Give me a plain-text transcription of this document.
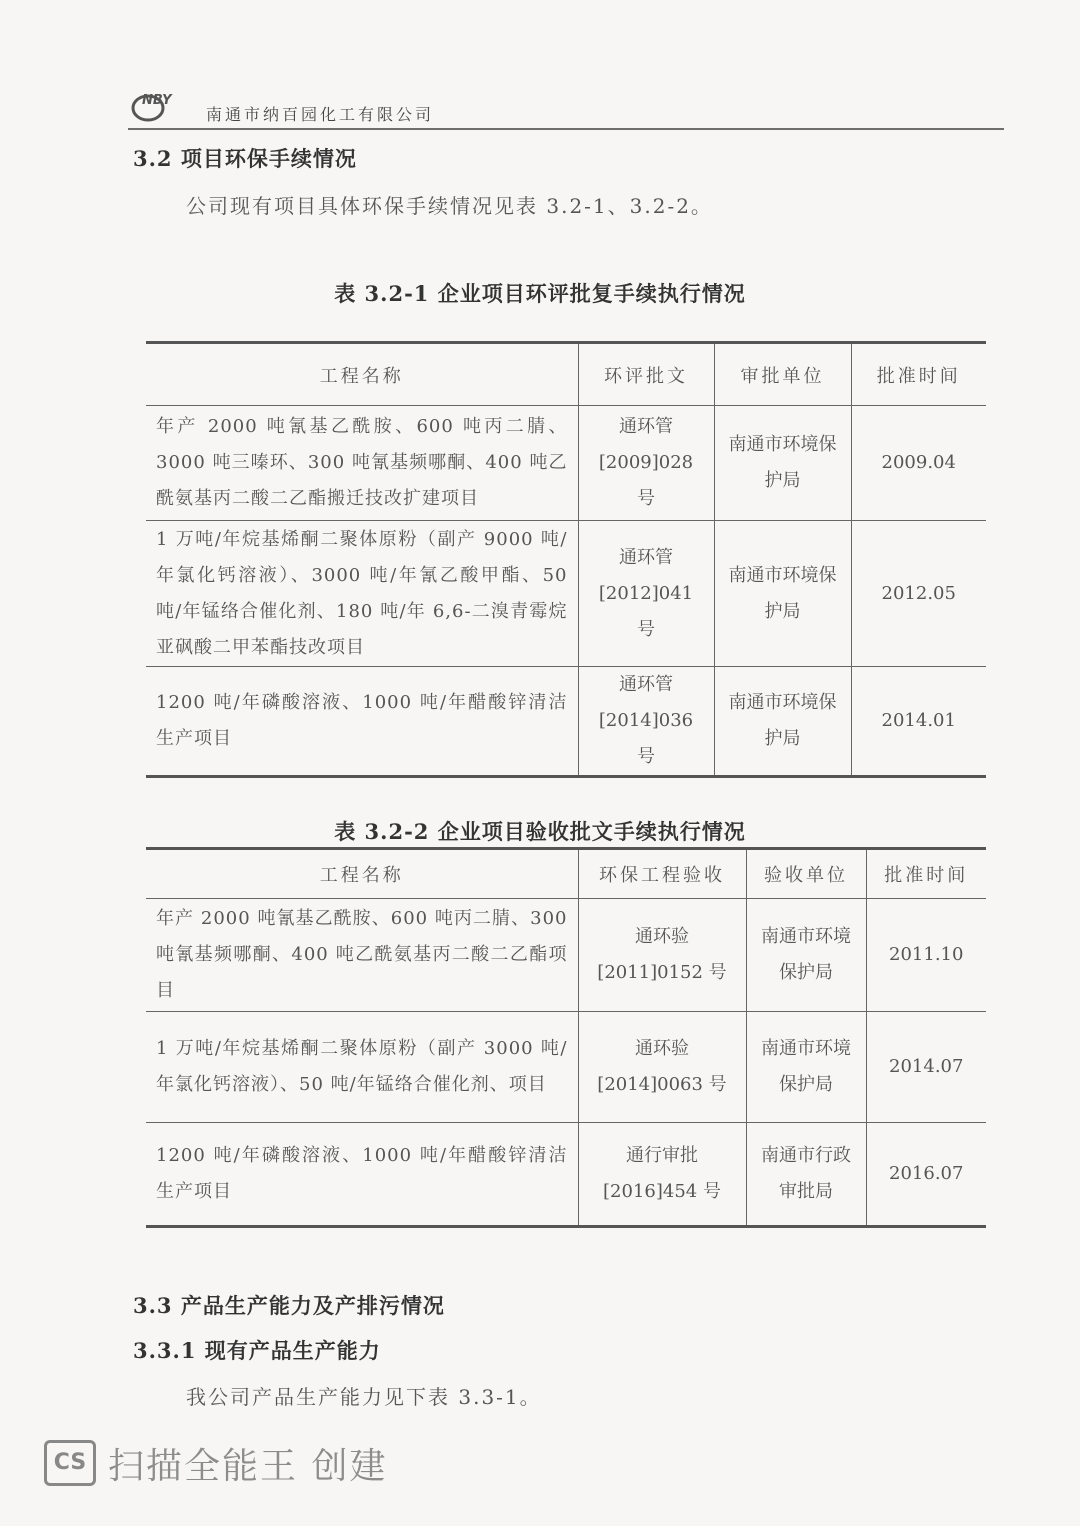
NBY
南通市纳百园化工有限公司
3.2 项目环保手续情况
公司现有项目具体环保手续情况见表 3.2-1、3.2-2。
表 3.2-1 企业项目环评批复手续执行情况
工程名称	环评批文	审批单位	批准时间
年产 2000 吨氰基乙酰胺、600 吨丙二腈、3000 吨三嗪环、300 吨氰基频哪酮、400 吨乙酰氨基丙二酸二乙酯搬迁技改扩建项目	通环管 [2009]028 号	南通市环境保护局	2009.04
1 万吨/年烷基烯酮二聚体原粉（副产 9000 吨/年氯化钙溶液）、3000 吨/年氰乙酸甲酯、50 吨/年锰络合催化剂、180 吨/年 6,6-二溴青霉烷亚砜酸二甲苯酯技改项目	通环管 [2012]041 号	南通市环境保护局	2012.05
1200 吨/年磷酸溶液、1000 吨/年醋酸锌清洁生产项目	通环管 [2014]036 号	南通市环境保护局	2014.01
表 3.2-2 企业项目验收批文手续执行情况
工程名称	环保工程验收	验收单位	批准时间
年产 2000 吨氰基乙酰胺、600 吨丙二腈、300 吨氰基频哪酮、400 吨乙酰氨基丙二酸二乙酯项目	通环验 [2011]0152 号	南通市环境保护局	2011.10
1 万吨/年烷基烯酮二聚体原粉（副产 3000 吨/年氯化钙溶液）、50 吨/年锰络合催化剂、项目	通环验 [2014]0063 号	南通市环境保护局	2014.07
1200 吨/年磷酸溶液、1000 吨/年醋酸锌清洁生产项目	通行审批 [2016]454 号	南通市行政审批局	2016.07
3.3 产品生产能力及产排污情况
3.3.1 现有产品生产能力
我公司产品生产能力见下表 3.3-1。
CS 扫描全能王 创建
